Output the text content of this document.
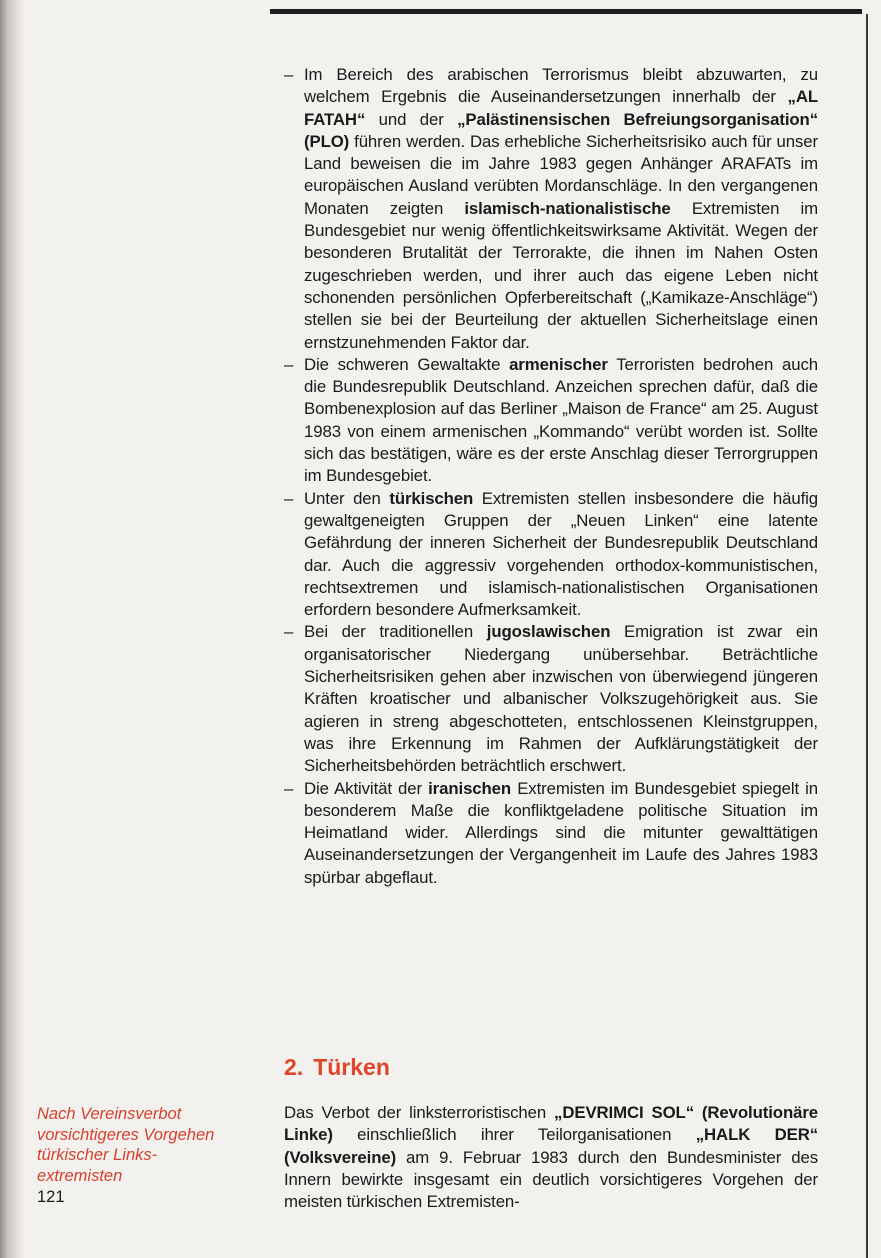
– Im Bereich des arabischen Terrorismus bleibt abzuwarten, zu welchem Ergebnis die Auseinandersetzungen innerhalb der „AL FATAH“ und der „Palästinensischen Befreiungsorganisation“ (PLO) führen werden. Das erhebliche Sicherheitsrisiko auch für unser Land beweisen die im Jahre 1983 gegen Anhänger ARAFATs im europäischen Ausland verübten Mordanschläge. In den vergangenen Monaten zeigten islamisch-nationalistische Extremisten im Bundesgebiet nur wenig öffentlichkeitswirksame Aktivität. Wegen der besonderen Brutalität der Terrorakte, die ihnen im Nahen Osten zugeschrieben werden, und ihrer auch das eigene Leben nicht schonenden persönlichen Opferbereitschaft („Kamikaze-Anschläge“) stellen sie bei der Beurteilung der aktuellen Sicherheitslage einen ernstzunehmenden Faktor dar.
– Die schweren Gewaltakte armenischer Terroristen bedrohen auch die Bundesrepublik Deutschland. Anzeichen sprechen dafür, daß die Bombenexplosion auf das Berliner „Maison de France“ am 25. August 1983 von einem armenischen „Kommando“ verübt worden ist. Sollte sich das bestätigen, wäre es der erste Anschlag dieser Terrorgruppen im Bundesgebiet.
– Unter den türkischen Extremisten stellen insbesondere die häufig gewaltgeneigten Gruppen der „Neuen Linken“ eine latente Gefährdung der inneren Sicherheit der Bundesrepublik Deutschland dar. Auch die aggressiv vorgehenden orthodox-kommunistischen, rechtsextremen und islamisch-nationalistischen Organisationen erfordern besondere Aufmerksamkeit.
– Bei der traditionellen jugoslawischen Emigration ist zwar ein organisatorischer Niedergang unübersehbar. Beträchtliche Sicherheitsrisiken gehen aber inzwischen von überwiegend jüngeren Kräften kroatischer und albanischer Volkszugehörigkeit aus. Sie agieren in streng abgeschotteten, entschlossenen Kleinstgruppen, was ihre Erkennung im Rahmen der Aufklärungstätigkeit der Sicherheitsbehörden beträchtlich erschwert.
– Die Aktivität der iranischen Extremisten im Bundesgebiet spiegelt in besonderem Maße die konfliktgeladene politische Situation im Heimatland wider. Allerdings sind die mitunter gewalttätigen Auseinandersetzungen der Vergangenheit im Laufe des Jahres 1983 spürbar abgeflaut.
2. Türken
Nach Vereinsverbot
vorsichtigeres Vorgehen
türkischer Links-
extremisten
121

Das Verbot der linksterroristischen „DEVRIMCI SOL“ (Revolutionäre Linke) einschließlich ihrer Teilorganisationen „HALK DER“ (Volksvereine) am 9. Februar 1983 durch den Bundesminister des Innern bewirkte insgesamt ein deutlich vorsichtigeres Vorgehen der meisten türkischen Extremisten-
